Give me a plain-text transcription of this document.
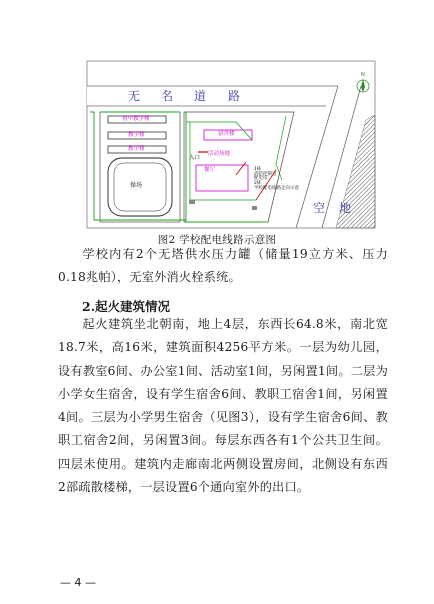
无 名 道 路
空 地
N
初中教学楼
教学楼
教学楼
操场
宿舍楼
活动场地
餐厅
入口
1栋
消防控制室
配电房
2栋
学校配电线路走向示意
图2 学校配电线路示意图

学校内有2个无塔供水压力罐（储量19立方米、压力0.18兆帕），无室外消火栓系统。

2.起火建筑情况

起火建筑坐北朝南，地上4层，东西长64.8米，南北宽18.7米，高16米，建筑面积4256平方米。一层为幼儿园，设有教室6间、办公室1间、活动室1间，另闲置1间。二层为小学女生宿舍，设有学生宿舍6间、教职工宿舍1间，另闲置4间。三层为小学男生宿舍（见图3），设有学生宿舍6间、教职工宿舍2间，另闲置3间。每层东西各有1个公共卫生间。四层未使用。建筑内走廊南北两侧设置房间，北侧设有东西2部疏散楼梯，一层设置6个通向室外的出口。

— 4 —
